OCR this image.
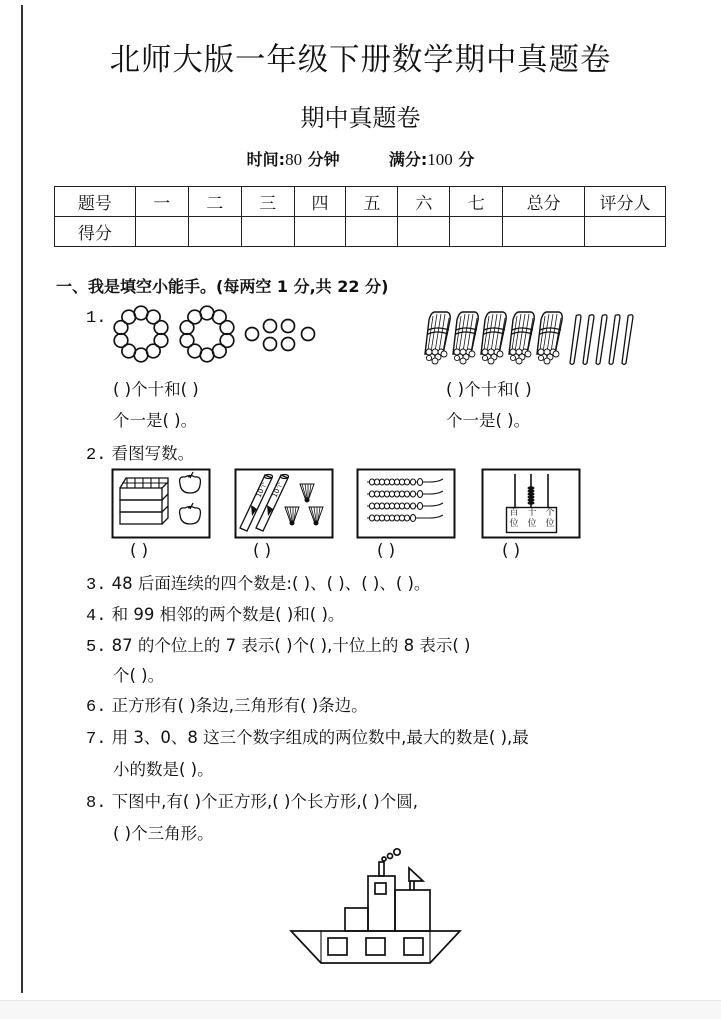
北师大版一年级下册数学期中真题卷
期中真题卷
时间:80 分钟	满分:100 分
题号	一	二	三	四	五	六	七	总分	评分人
得分									
一、我是填空小能手。(每两空 1 分,共 22 分)
1.
( )个十和( )
个一是( )。
( )个十和( )
个一是( )。
2. 看图写数。
10个 10个
百位
十位
个位
( )	( )	( )	( )
3. 48 后面连续的四个数是:( )、( )、( )、( )。
4. 和 99 相邻的两个数是( )和( )。
5. 87 的个位上的 7 表示( )个( ),十位上的 8 表示( )
个( )。
6. 正方形有( )条边,三角形有( )条边。
7. 用 3、0、8 这三个数字组成的两位数中,最大的数是( ),最
小的数是( )。
8. 下图中,有( )个正方形,( )个长方形,( )个圆,
( )个三角形。
